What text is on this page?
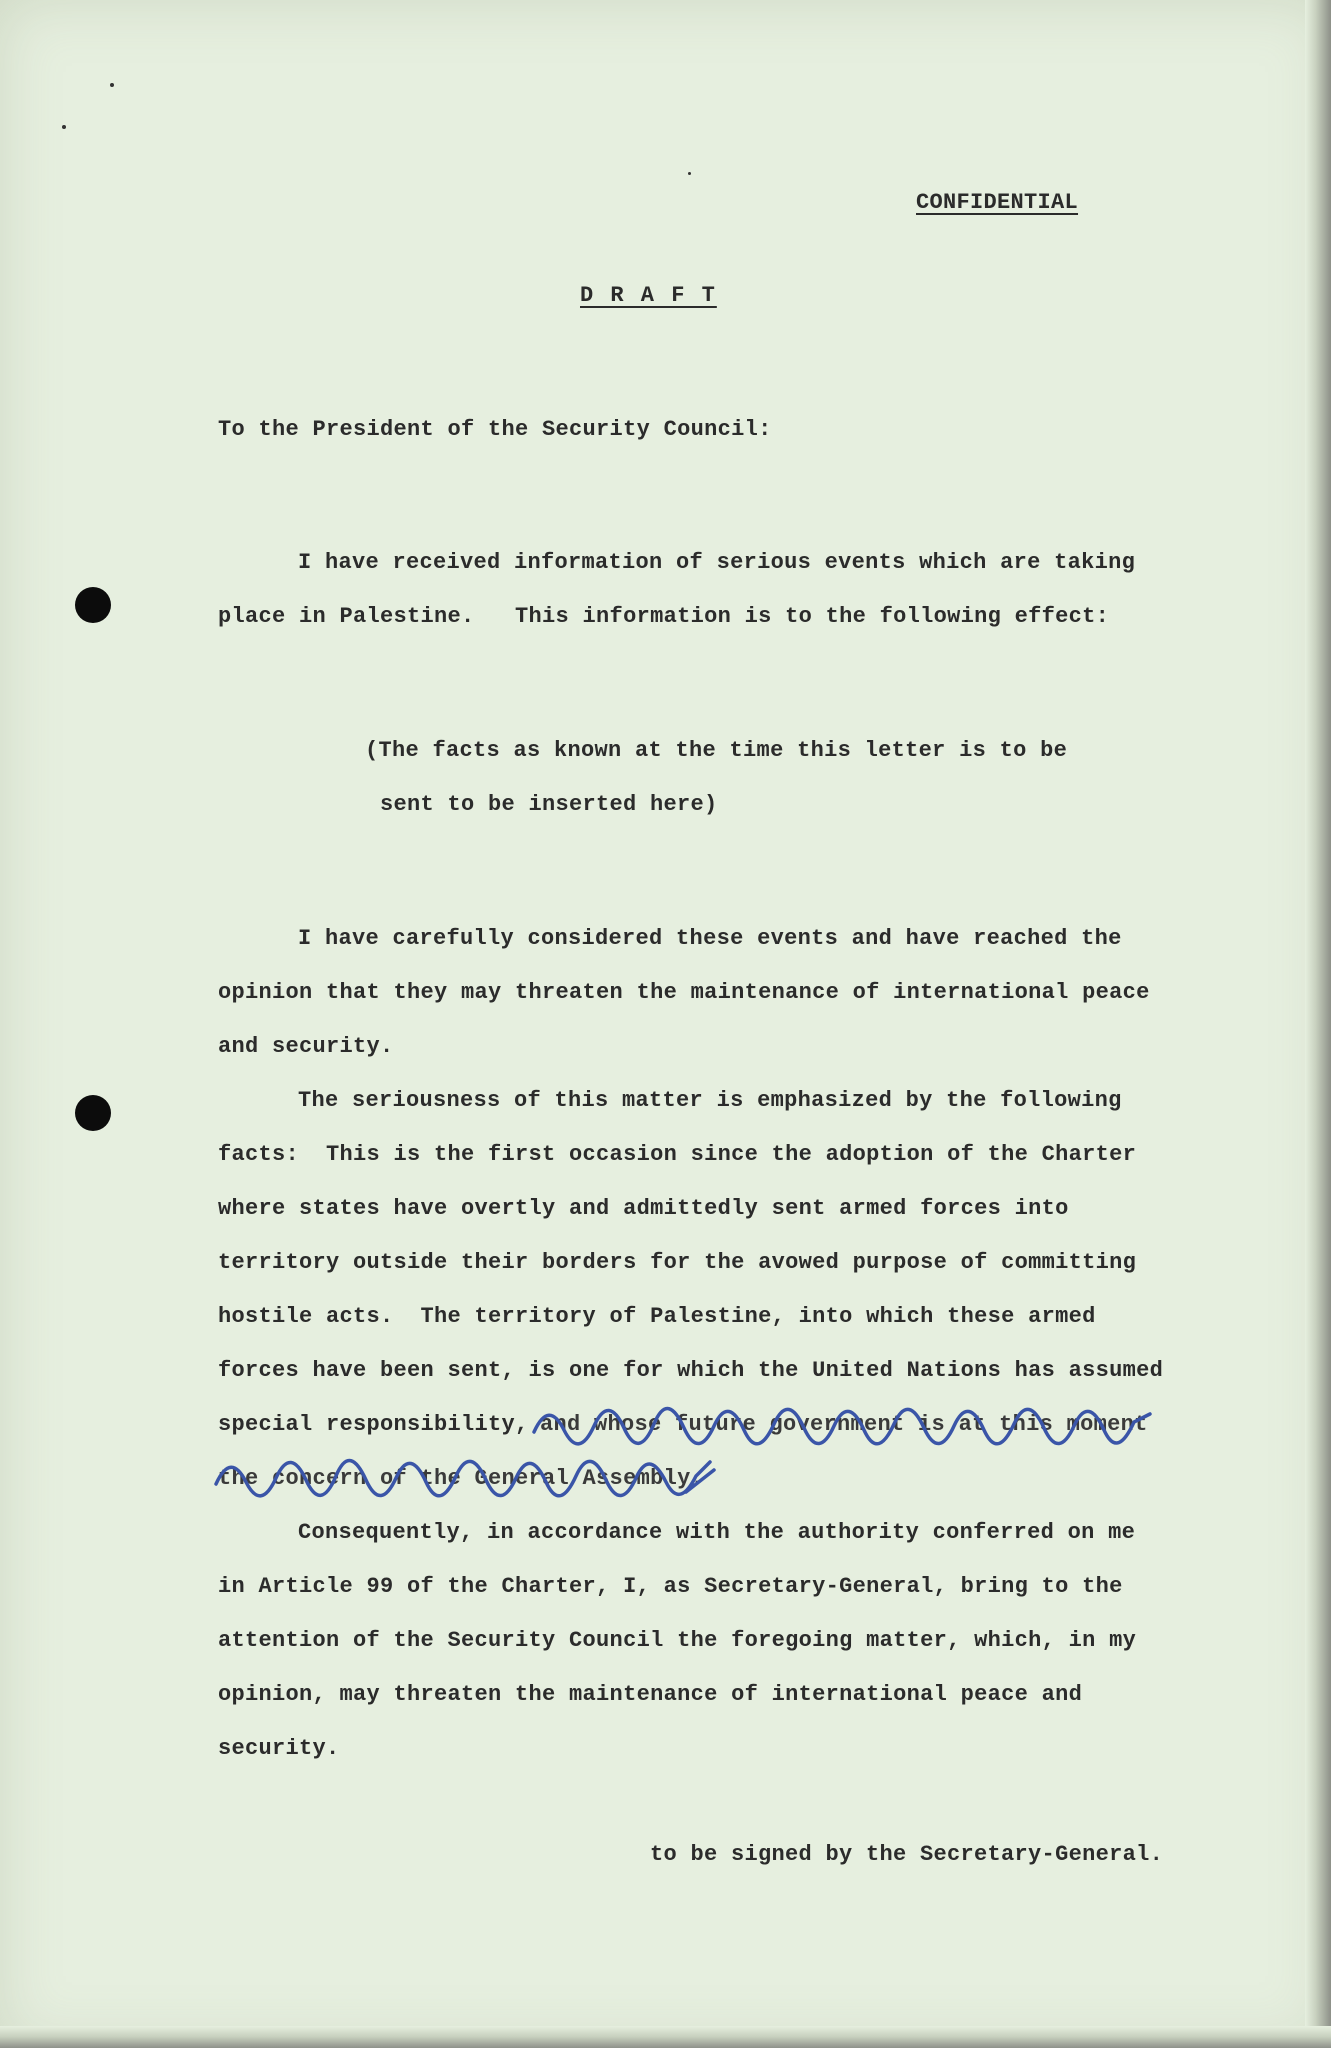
CONFIDENTIAL

D R A F T

To the President of the Security Council:

I have received information of serious events which are taking

place in Palestine.   This information is to the following effect:

(The facts as known at the time this letter is to be

sent to be inserted here)

I have carefully considered these events and have reached the

opinion that they may threaten the maintenance of international peace

and security.

The seriousness of this matter is emphasized by the following

facts:  This is the first occasion since the adoption of the Charter

where states have overtly and admittedly sent armed forces into

territory outside their borders for the avowed purpose of committing

hostile acts.  The territory of Palestine, into which these armed

forces have been sent, is one for which the United Nations has assumed

special responsibility, and whose future government is at this moment

the concern of the General Assembly.

Consequently, in accordance with the authority conferred on me

in Article 99 of the Charter, I, as Secretary-General, bring to the

attention of the Security Council the foregoing matter, which, in my

opinion, may threaten the maintenance of international peace and

security.

to be signed by the Secretary-General.
